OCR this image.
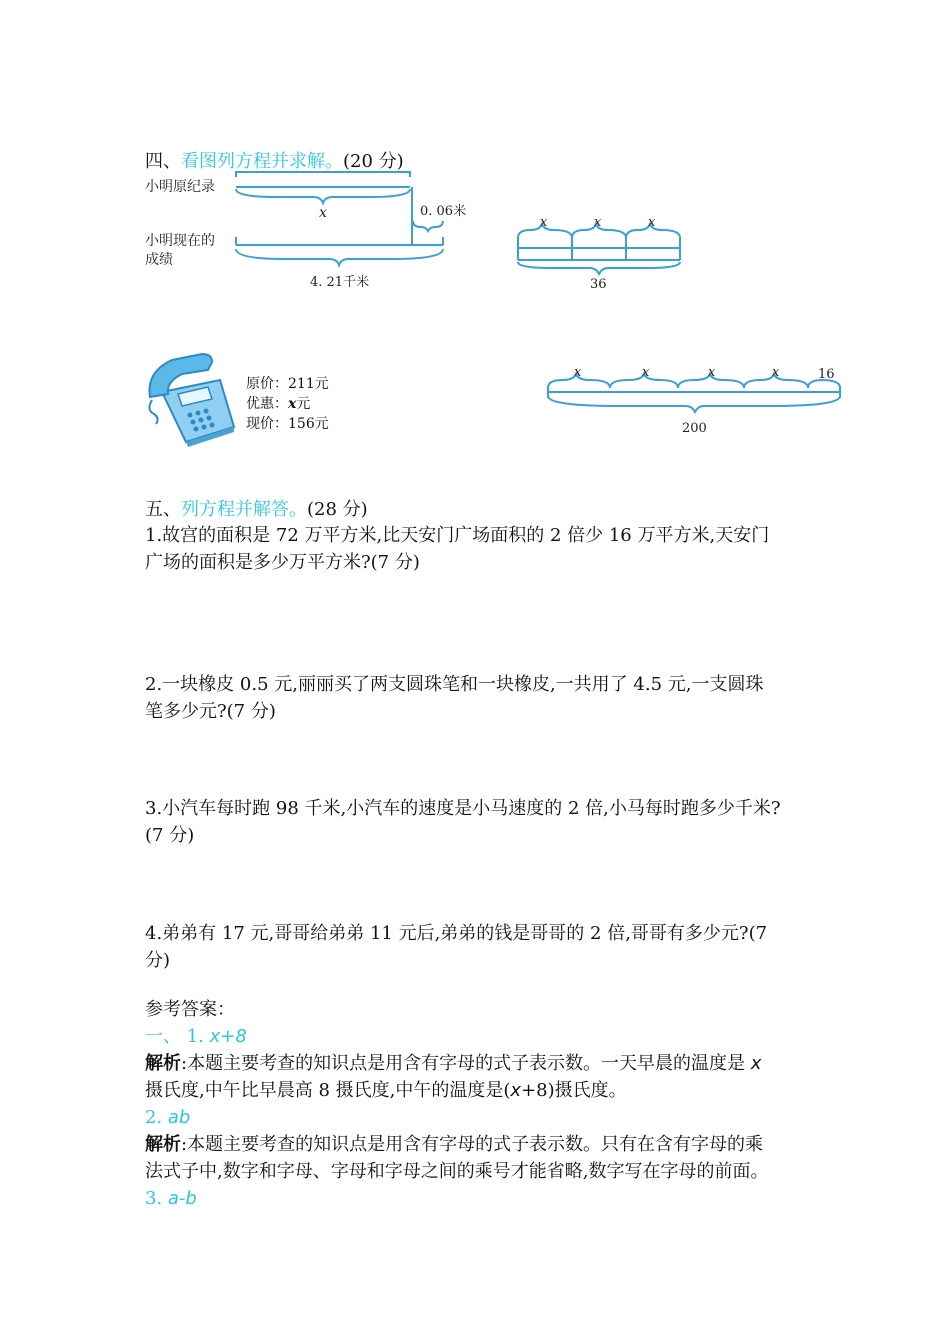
四、看图列方程并求解。(20 分)
小明原纪录
小明现在的
成绩
x	0. 06米
4. 21千米
x	x	x
36
原价：211元
优惠：x元
现价：156元
x	x	x	x	16
200
五、列方程并解答。(28 分)
1.故宫的面积是 72 万平方米,比天安门广场面积的 2 倍少 16 万平方米,天安门
广场的面积是多少万平方米?(7 分)
2.一块橡皮 0.5 元,丽丽买了两支圆珠笔和一块橡皮,一共用了 4.5 元,一支圆珠
笔多少元?(7 分)
3.小汽车每时跑 98 千米,小汽车的速度是小马速度的 2 倍,小马每时跑多少千米?
(7 分)
4.弟弟有 17 元,哥哥给弟弟 11 元后,弟弟的钱是哥哥的 2 倍,哥哥有多少元?(7
分)
参考答案：
一、 1. x+8
解析:本题主要考查的知识点是用含有字母的式子表示数。一天早晨的温度是 x
摄氏度,中午比早晨高 8 摄氏度,中午的温度是(x+8)摄氏度。
2. ab
解析:本题主要考查的知识点是用含有字母的式子表示数。只有在含有字母的乘
法式子中,数字和字母、字母和字母之间的乘号才能省略,数字写在字母的前面。
3. a-b
